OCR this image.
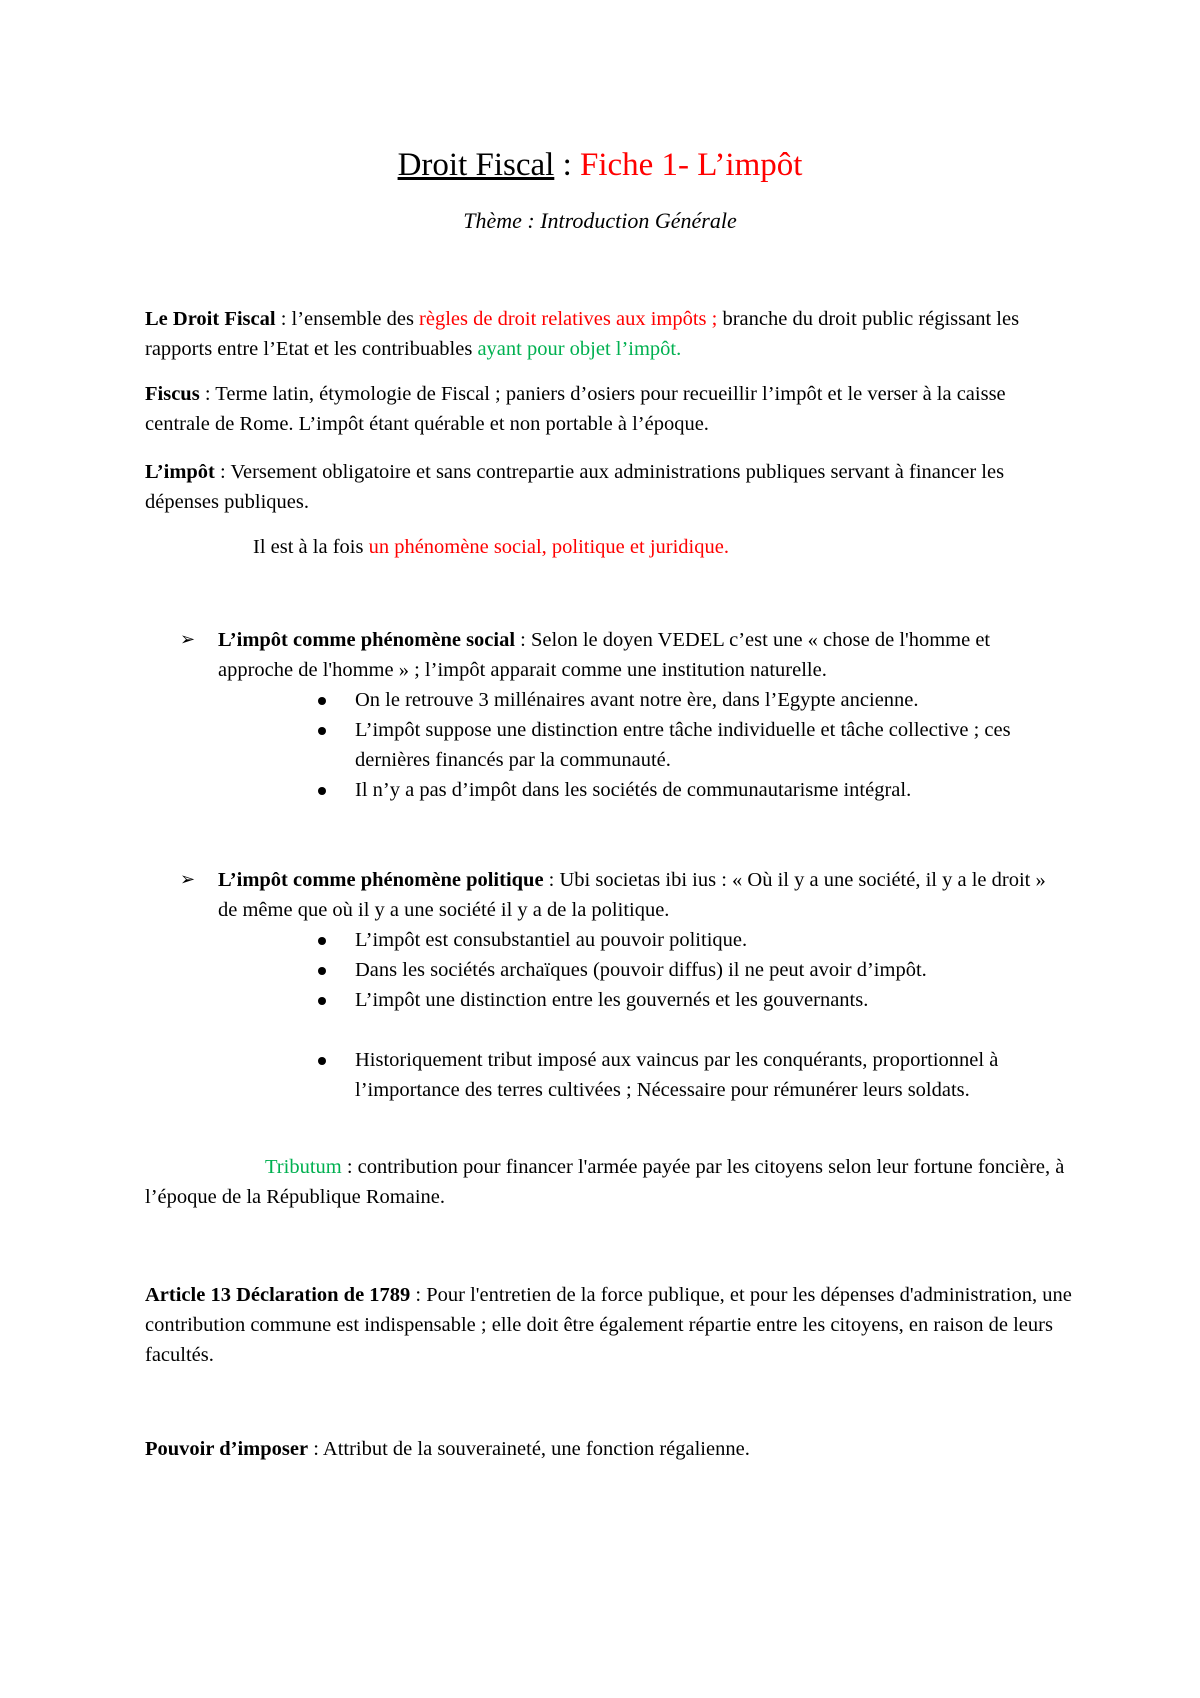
Droit Fiscal : Fiche 1- L’impôt
Thème : Introduction Générale
Le Droit Fiscal : l’ensemble des règles de droit relatives aux impôts ; branche du droit public régissant les rapports entre l’Etat et les contribuables ayant pour objet l’impôt.
Fiscus : Terme latin, étymologie de Fiscal ; paniers d’osiers pour recueillir l’impôt et le verser à la caisse centrale de Rome. L’impôt étant quérable et non portable à l’époque.
L’impôt : Versement obligatoire et sans contrepartie aux administrations publiques servant à financer les dépenses publiques.
Il est à la fois un phénomène social, politique et juridique.
➢	L’impôt comme phénomène social : Selon le doyen VEDEL c’est une « chose de l'homme et approche de l'homme » ; l’impôt apparait comme une institution naturelle.
On le retrouve 3 millénaires avant notre ère, dans l’Egypte ancienne.
L’impôt suppose une distinction entre tâche individuelle et tâche collective ; ces dernières financés par la communauté.
Il n’y a pas d’impôt dans les sociétés de communautarisme intégral.
➢	L’impôt comme phénomène politique : Ubi societas ibi ius : « Où il y a une société, il y a le droit » de même que où il y a une société il y a de la politique.
L’impôt est consubstantiel au pouvoir politique.
Dans les sociétés archaïques (pouvoir diffus) il ne peut avoir d’impôt.
L’impôt une distinction entre les gouvernés et les gouvernants.
Historiquement tribut imposé aux vaincus par les conquérants, proportionnel à l’importance des terres cultivées ; Nécessaire pour rémunérer leurs soldats.
Tributum : contribution pour financer l'armée payée par les citoyens selon leur fortune foncière, à l’époque de la République Romaine.
Article 13 Déclaration de 1789 : Pour l'entretien de la force publique, et pour les dépenses d'administration, une contribution commune est indispensable ; elle doit être également répartie entre les citoyens, en raison de leurs facultés.
Pouvoir d’imposer : Attribut de la souveraineté, une fonction régalienne.
